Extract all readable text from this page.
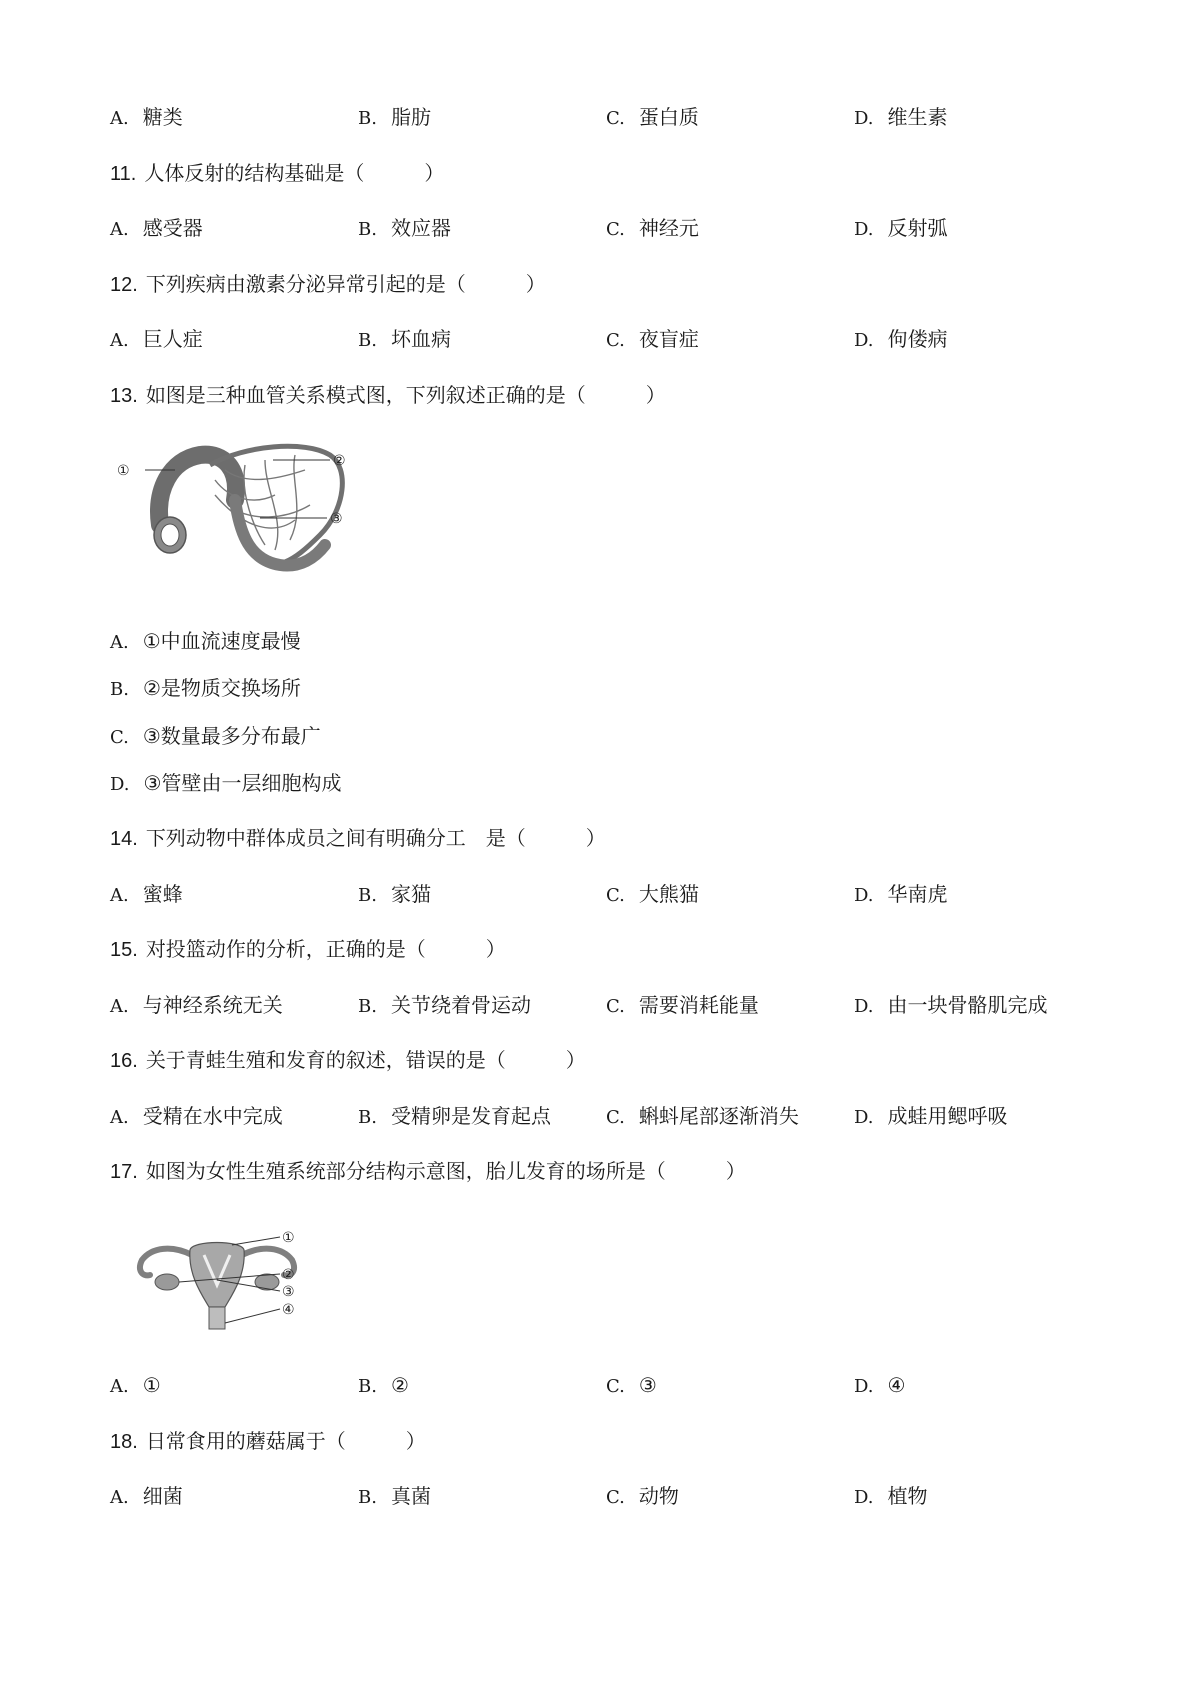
A. 糖类	B. 脂肪	C. 蛋白质	D. 维生素
11. 人体反射的结构基础是（　　　）
A. 感受器	B. 效应器	C. 神经元	D. 反射弧
12. 下列疾病由激素分泌异常引起的是（　　　）
A. 巨人症	B. 坏血病	C. 夜盲症	D. 佝偻病
13. 如图是三种血管关系模式图，下列叙述正确的是（　　　）
①
②
③
A. ①中血流速度最慢
B. ②是物质交换场所
C. ③数量最多分布最广
D. ③管壁由一层细胞构成
14. 下列动物中群体成员之间有明确分工　是（　　　）
A. 蜜蜂	B. 家猫	C. 大熊猫	D. 华南虎
15. 对投篮动作的分析，正确的是（　　　）
A. 与神经系统无关	B. 关节绕着骨运动	C. 需要消耗能量	D. 由一块骨骼肌完成
16. 关于青蛙生殖和发育的叙述，错误的是（　　　）
A. 受精在水中完成	B. 受精卵是发育起点	C. 蝌蚪尾部逐渐消失	D. 成蛙用鳃呼吸
17. 如图为女性生殖系统部分结构示意图，胎儿发育的场所是（　　　）
①
②
③
④
A. ①	B. ②	C. ③	D. ④
18. 日常食用的蘑菇属于（　　　）
A. 细菌	B. 真菌	C. 动物	D. 植物
